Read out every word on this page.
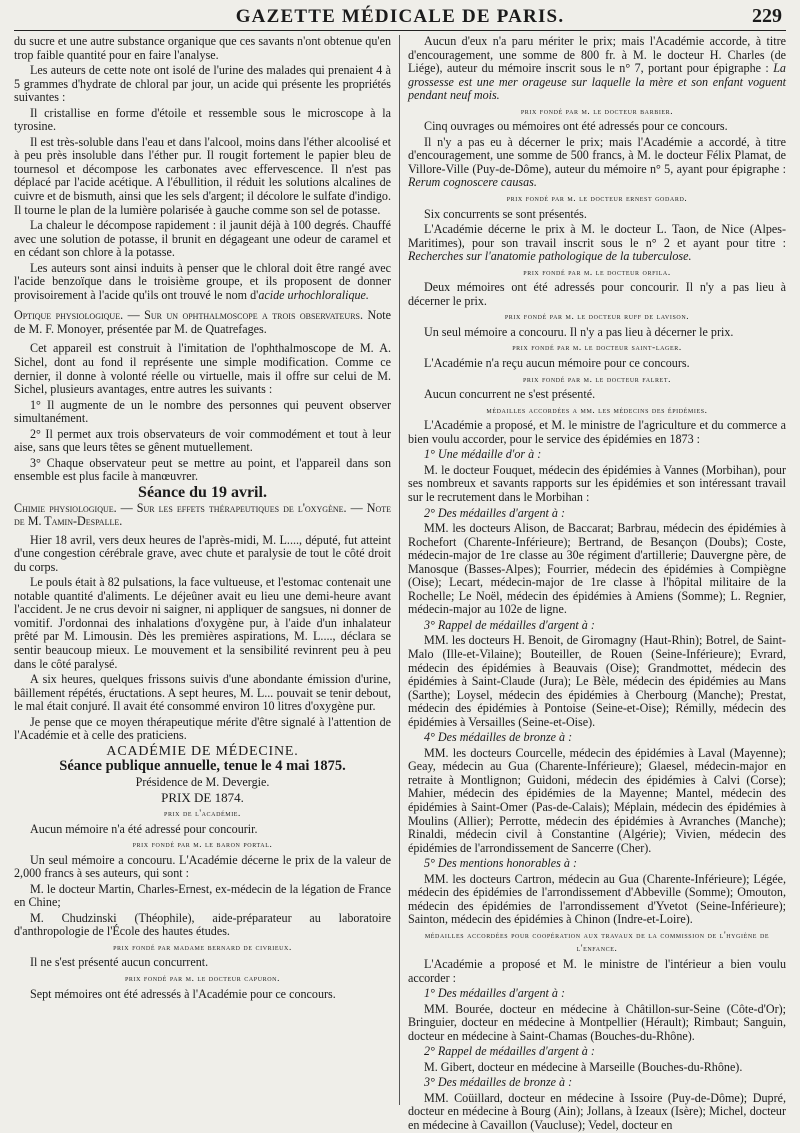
GAZETTE MÉDICALE DE PARIS.	229

du sucre et une autre substance organique que ces savants n'ont obtenue qu'en trop faible quantité pour en faire l'analyse.

Les auteurs de cette note ont isolé de l'urine des malades qui prenaient 4 à 5 grammes d'hydrate de chloral par jour, un acide qui présente les propriétés suivantes :

Il cristallise en forme d'étoile et ressemble sous le microscope à la tyrosine.

Il est très-soluble dans l'eau et dans l'alcool, moins dans l'éther alcoolisé et à peu près insoluble dans l'éther pur. Il rougit fortement le papier bleu de tournesol et décompose les carbonates avec effervescence. Il n'est pas déplacé par l'acide acétique. A l'ébullition, il réduit les solutions alcalines de cuivre et de bismuth, ainsi que les sels d'argent; il décolore le sulfate d'indigo. Il tourne le plan de la lumière polarisée à gauche comme son sel de potasse.

La chaleur le décompose rapidement : il jaunit déjà à 100 degrés. Chauffé avec une solution de potasse, il brunit en dégageant une odeur de caramel et en cédant son chlore à la potasse.

Les auteurs sont ainsi induits à penser que le chloral doit être rangé avec l'acide benzoïque dans le troisième groupe, et ils proposent de donner provisoirement à l'acide qu'ils ont trouvé le nom d'acide urhochloralique.

Optique physiologique. — Sur un ophthalmoscope a trois observateurs. Note de M. F. Monoyer, présentée par M. de Quatrefages.

Cet appareil est construit à l'imitation de l'ophthalmoscope de M. A. Sichel, dont au fond il représente une simple modification. Comme ce dernier, il donne à volonté réelle ou virtuelle, mais il offre sur celui de M. Sichel, plusieurs avantages, entre autres les suivants :

1° Il augmente de un le nombre des personnes qui peuvent observer simultanément.

2° Il permet aux trois observateurs de voir commodément et tout à leur aise, sans que leurs têtes se gênent mutuellement.

3° Chaque observateur peut se mettre au point, et l'appareil dans son ensemble est plus facile à manœuvrer.

Séance du 19 avril.

Chimie physiologique. — Sur les effets thérapeutiques de l'oxygène. — Note de M. Tamin-Despalle.

Hier 18 avril, vers deux heures de l'après-midi, M. L...., député, fut atteint d'une congestion cérébrale grave, avec chute et paralysie de tout le côté droit du corps.

Le pouls était à 82 pulsations, la face vultueuse, et l'estomac contenait une notable quantité d'aliments. Le déjeûner avait eu lieu une demi-heure avant l'accident. Je ne crus devoir ni saigner, ni appliquer de sangsues, ni donner de vomitif. J'ordonnai des inhalations d'oxygène pur, à l'aide d'un inhalateur prêté par M. Limousin. Dès les premières aspirations, M. L...., déclara se sentir beaucoup mieux. Le mouvement et la sensibilité revinrent peu à peu dans le côté paralysé.

A six heures, quelques frissons suivis d'une abondante émission d'urine, bâillement répétés, éructations. A sept heures, M. L... pouvait se tenir debout, le mal était conjuré. Il avait été consommé environ 10 litres d'oxygène pur.

Je pense que ce moyen thérapeutique mérite d'être signalé à l'attention de l'Académie et à celle des praticiens.

ACADÉMIE DE MÉDECINE.

Séance publique annuelle, tenue le 4 mai 1875.

Présidence de M. Devergie.

PRIX DE 1874.

prix de l'académie.

Aucun mémoire n'a été adressé pour concourir.

prix fondé par m. le baron portal.

Un seul mémoire a concouru. L'Académie décerne le prix de la valeur de 2,000 francs à ses auteurs, qui sont :

M. le docteur Martin, Charles-Ernest, ex-médecin de la légation de France en Chine;

M. Chudzinski (Théophile), aide-préparateur au laboratoire d'anthropologie de l'École des hautes études.

prix fondé par madame bernard de civrieux.

Il ne s'est présenté aucun concurrent.

prix fondé par m. le docteur capuron.

Sept mémoires ont été adressés à l'Académie pour ce concours.

Aucun d'eux n'a paru mériter le prix; mais l'Académie accorde, à titre d'encouragement, une somme de 800 fr. à M. le docteur H. Charles (de Liége), auteur du mémoire inscrit sous le n° 7, portant pour épigraphe : La grossesse est une mer orageuse sur laquelle la mère et son enfant voguent pendant neuf mois.

prix fondé par m. le docteur barbier.

Cinq ouvrages ou mémoires ont été adressés pour ce concours.

Il n'y a pas eu à décerner le prix; mais l'Académie a accordé, à titre d'encouragement, une somme de 500 francs, à M. le docteur Félix Plamat, de Villore-Ville (Puy-de-Dôme), auteur du mémoire n° 5, ayant pour épigraphe : Rerum cognoscere causas.

prix fondé par m. le docteur ernest godard.

Six concurrents se sont présentés.

L'Académie décerne le prix à M. le docteur L. Taon, de Nice (Alpes-Maritimes), pour son travail inscrit sous le n° 2 et ayant pour titre : Recherches sur l'anatomie pathologique de la tuberculose.

prix fondé par m. le docteur orfila.

Deux mémoires ont été adressés pour concourir. Il n'y a pas lieu à décerner le prix.

prix fondé par m. le docteur ruff de lavison.

Un seul mémoire a concouru. Il n'y a pas lieu à décerner le prix.

prix fondé par m. le docteur saint-lager.

L'Académie n'a reçu aucun mémoire pour ce concours.

prix fondé par m. le docteur falret.

Aucun concurrent ne s'est présenté.

médailles accordées a mm. les médecins des épidémies.

L'Académie a proposé, et M. le ministre de l'agriculture et du commerce a bien voulu accorder, pour le service des épidémies en 1873 :

1° Une médaille d'or à :

M. le docteur Fouquet, médecin des épidémies à Vannes (Morbihan), pour ses nombreux et savants rapports sur les épidémies et son intéressant travail sur le recrutement dans le Morbihan :

2° Des médailles d'argent à :

MM. les docteurs Alison, de Baccarat; Barbrau, médecin des épidémies à Rochefort (Charente-Inférieure); Bertrand, de Besançon (Doubs); Coste, médecin-major de 1re classe au 30e régiment d'artillerie; Dauvergne père, de Manosque (Basses-Alpes); Fourrier, médecin des épidémies à Compiègne (Oise); Lecart, médecin-major de 1re classe à l'hôpital militaire de la Rochelle; Le Noël, médecin des épidémies à Amiens (Somme); L. Regnier, médecin-major au 102e de ligne.

3° Rappel de médailles d'argent à :

MM. les docteurs H. Benoit, de Giromagny (Haut-Rhin); Botrel, de Saint-Malo (Ille-et-Vilaine); Bouteiller, de Rouen (Seine-Inférieure); Evrard, médecin des épidémies à Beauvais (Oise); Grandmottet, médecin des épidémies à Saint-Claude (Jura); Le Bèle, médecin des épidémies au Mans (Sarthe); Loysel, médecin des épidémies à Cherbourg (Manche); Prestat, médecin des épidémies à Pontoise (Seine-et-Oise); Rémilly, médecin des épidémies à Versailles (Seine-et-Oise).

4° Des médailles de bronze à :

MM. les docteurs Courcelle, médecin des épidémies à Laval (Mayenne); Geay, médecin au Gua (Charente-Inférieure); Glaesel, médecin-major en retraite à Montlignon; Guidoni, médecin des épidémies à Calvi (Corse); Mahier, médecin des épidémies de la Mayenne; Mantel, médecin des épidémies à Saint-Omer (Pas-de-Calais); Méplain, médecin des épidémies à Moulins (Allier); Perrotte, médecin des épidémies à Avranches (Manche); Rinaldi, médecin civil à Constantine (Algérie); Vivien, médecin des épidémies de l'arrondissement de Sancerre (Cher).

5° Des mentions honorables à :

MM. les docteurs Cartron, médecin au Gua (Charente-Inférieure); Légée, médecin des épidémies de l'arrondissement d'Abbeville (Somme); Omouton, médecin des épidémies de l'arrondissement d'Yvetot (Seine-Inférieure); Sainton, médecin des épidémies à Chinon (Indre-et-Loire).

médailles accordées pour coopération aux travaux de la commission de l'hygiène de l'enfance.

L'Académie a proposé et M. le ministre de l'intérieur a bien voulu accorder :

1° Des médailles d'argent à :

MM. Bourée, docteur en médecine à Châtillon-sur-Seine (Côte-d'Or); Bringuier, docteur en médecine à Montpellier (Hérault); Rimbaut; Sanguin, docteur en médecine à Saint-Chamas (Bouches-du-Rhône).

2° Rappel de médailles d'argent à :

M. Gibert, docteur en médecine à Marseille (Bouches-du-Rhône).

3° Des médailles de bronze à :

MM. Coüillard, docteur en médecine à Issoire (Puy-de-Dôme); Dupré, docteur en médecine à Bourg (Ain); Jollans, à Izeaux (Isère); Michel, docteur en médecine à Cavaillon (Vaucluse); Vedel, docteur en
